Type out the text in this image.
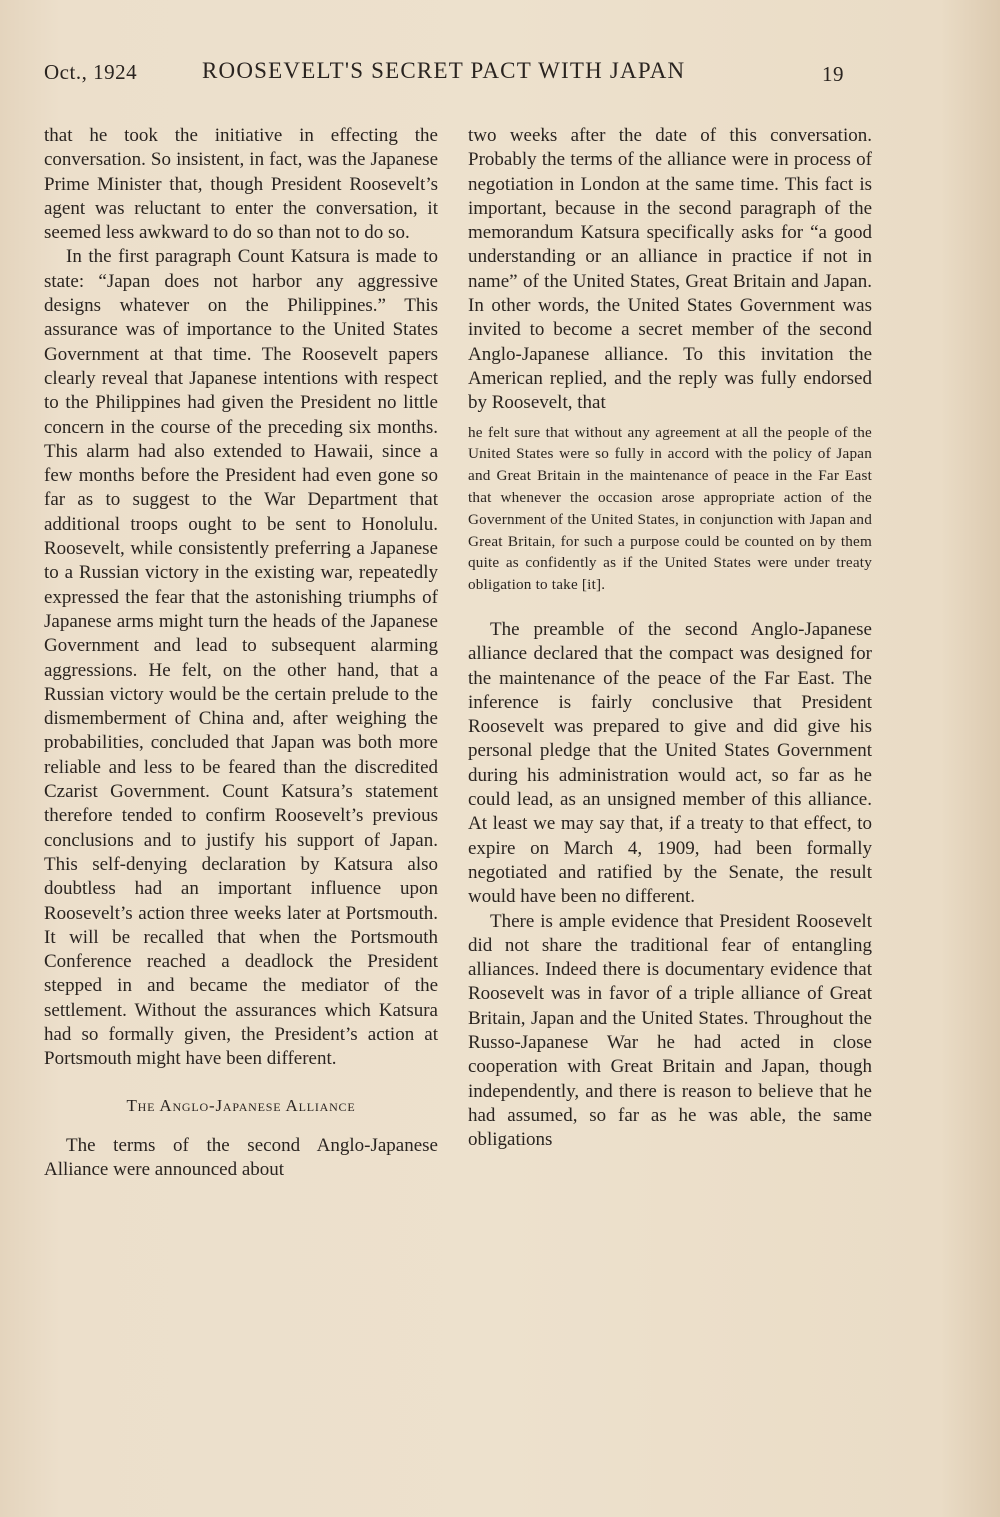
Oct., 1924	ROOSEVELT'S SECRET PACT WITH JAPAN	19

that he took the initiative in effecting the conversation. So insistent, in fact, was the Japanese Prime Minister that, though President Roosevelt’s agent was reluctant to enter the conversation, it seemed less awkward to do so than not to do so.

In the first paragraph Count Katsura is made to state: “Japan does not harbor any aggressive designs whatever on the Philippines.” This assurance was of importance to the United States Government at that time. The Roosevelt papers clearly reveal that Japanese intentions with respect to the Philippines had given the President no little concern in the course of the preceding six months. This alarm had also extended to Hawaii, since a few months before the President had even gone so far as to suggest to the War Department that additional troops ought to be sent to Honolulu. Roosevelt, while consistently preferring a Japanese to a Russian victory in the existing war, repeatedly expressed the fear that the astonishing triumphs of Japanese arms might turn the heads of the Japanese Government and lead to subsequent alarming aggressions. He felt, on the other hand, that a Russian victory would be the certain prelude to the dismemberment of China and, after weighing the probabilities, concluded that Japan was both more reliable and less to be feared than the discredited Czarist Government. Count Katsura’s statement therefore tended to confirm Roosevelt’s previous conclusions and to justify his support of Japan. This self-denying declaration by Katsura also doubtless had an important influence upon Roosevelt’s action three weeks later at Portsmouth. It will be recalled that when the Portsmouth Conference reached a deadlock the President stepped in and became the mediator of the settlement. Without the assurances which Katsura had so formally given, the President’s action at Portsmouth might have been different.

The Anglo-Japanese Alliance

The terms of the second Anglo-Japanese Alliance were announced about

two weeks after the date of this conversation. Probably the terms of the alliance were in process of negotiation in London at the same time. This fact is important, because in the second paragraph of the memorandum Katsura specifically asks for “a good understanding or an alliance in practice if not in name” of the United States, Great Britain and Japan. In other words, the United States Government was invited to become a secret member of the second Anglo-Japanese alliance. To this invitation the American replied, and the reply was fully endorsed by Roosevelt, that

he felt sure that without any agreement at all the people of the United States were so fully in accord with the policy of Japan and Great Britain in the maintenance of peace in the Far East that whenever the occasion arose appropriate action of the Government of the United States, in conjunction with Japan and Great Britain, for such a purpose could be counted on by them quite as confidently as if the United States were under treaty obligation to take [it].

The preamble of the second Anglo-Japanese alliance declared that the compact was designed for the maintenance of the peace of the Far East. The inference is fairly conclusive that President Roosevelt was prepared to give and did give his personal pledge that the United States Government during his administration would act, so far as he could lead, as an unsigned member of this alliance. At least we may say that, if a treaty to that effect, to expire on March 4, 1909, had been formally negotiated and ratified by the Senate, the result would have been no different.

There is ample evidence that President Roosevelt did not share the traditional fear of entangling alliances. Indeed there is documentary evidence that Roosevelt was in favor of a triple alliance of Great Britain, Japan and the United States. Throughout the Russo-Japanese War he had acted in close cooperation with Great Britain and Japan, though independently, and there is reason to believe that he had assumed, so far as he was able, the same obligations
